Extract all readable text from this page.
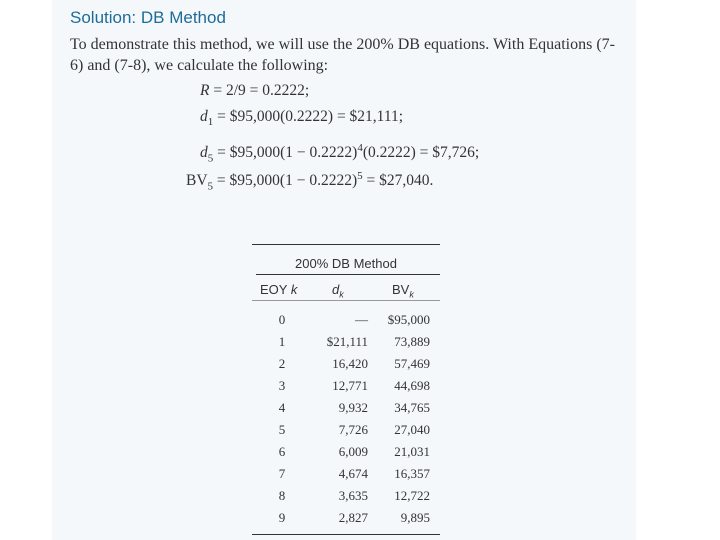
Solution: DB Method
To demonstrate this method, we will use the 200% DB equations. With Equations (7-6) and (7-8), we calculate the following:
R = 2/9 = 0.2222;
$d_1$ = $95,000(0.2222) = $21,111;
$d_5$ = $95,000(1 − 0.2222)$^4$(0.2222) = $7,726;
$BV_5$ = $95,000(1 − 0.2222)$^5$ = $27,040.
200% DB Method
EOY k	$d_k$	$BV_k$
0	—	$95,000
1	$21,111	73,889
2	16,420	57,469
3	12,771	44,698
4	9,932	34,765
5	7,726	27,040
6	6,009	21,031
7	4,674	16,357
8	3,635	12,722
9	2,827	9,895
